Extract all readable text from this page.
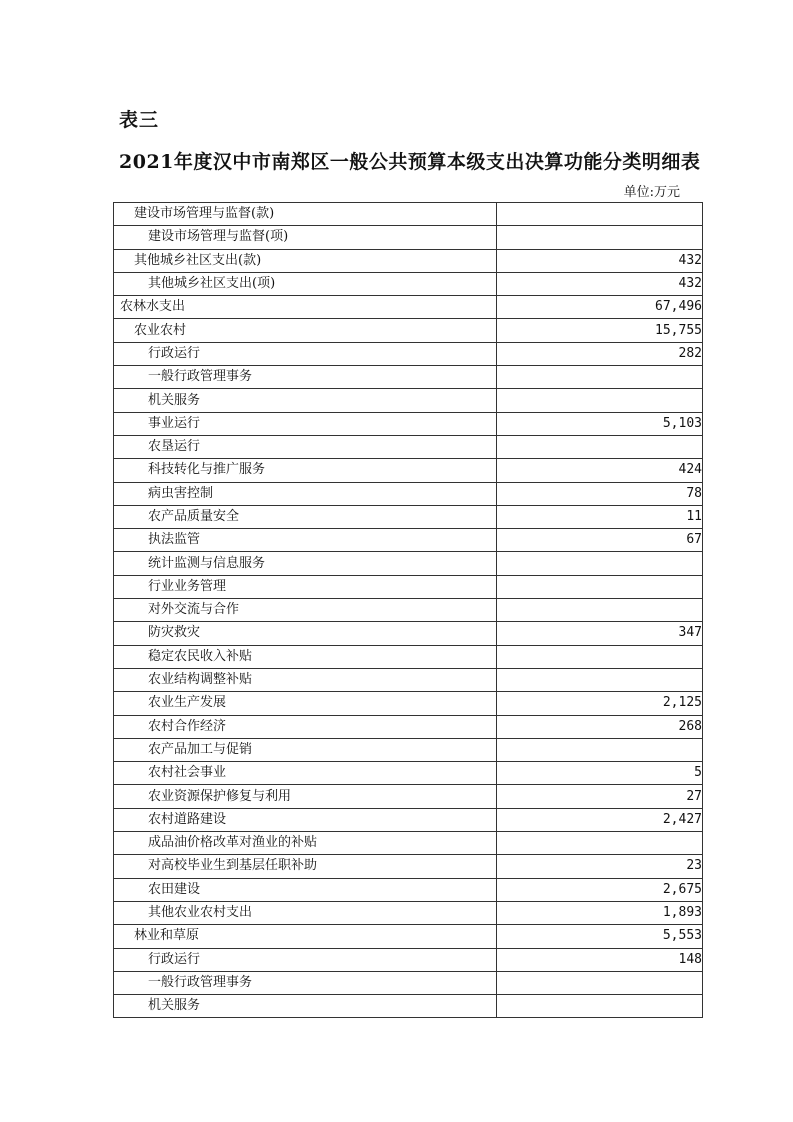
表三
2021年度汉中市南郑区一般公共预算本级支出决算功能分类明细表
单位:万元
建设市场管理与监督(款)	
建设市场管理与监督(项)	
其他城乡社区支出(款)	432
其他城乡社区支出(项)	432
农林水支出	67,496
农业农村	15,755
行政运行	282
一般行政管理事务	
机关服务	
事业运行	5,103
农垦运行	
科技转化与推广服务	424
病虫害控制	78
农产品质量安全	11
执法监管	67
统计监测与信息服务	
行业业务管理	
对外交流与合作	
防灾救灾	347
稳定农民收入补贴	
农业结构调整补贴	
农业生产发展	2,125
农村合作经济	268
农产品加工与促销	
农村社会事业	5
农业资源保护修复与利用	27
农村道路建设	2,427
成品油价格改革对渔业的补贴	
对高校毕业生到基层任职补助	23
农田建设	2,675
其他农业农村支出	1,893
林业和草原	5,553
行政运行	148
一般行政管理事务	
机关服务	
